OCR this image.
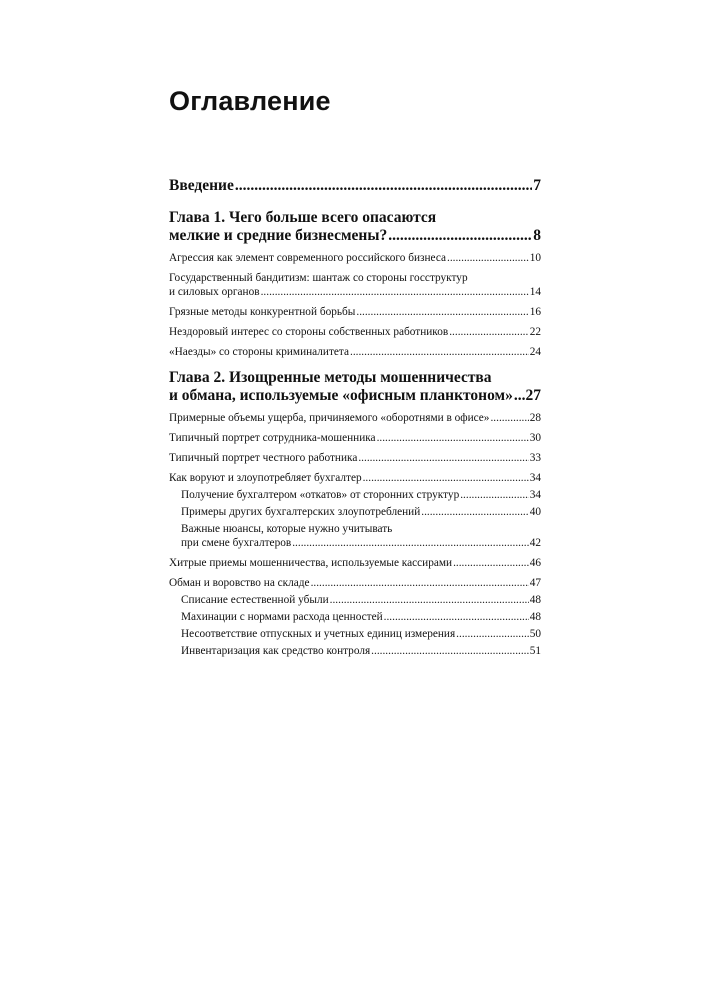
Оглавление
Введение .....	7
Глава 1. Чего больше всего опасаются
мелкие и средние бизнесмены? .....	8
Агрессия как элемент современного российского бизнеса .....	10
Государственный бандитизм: шантаж со стороны госструктур
и силовых органов .....	14
Грязные методы конкурентной борьбы .....	16
Нездоровый интерес со стороны собственных работников .....	22
«Наезды» со стороны криминалитета .....	24
Глава 2. Изощренные методы мошенничества
и обмана, используемые «офисным планктоном» ..... 27
Примерные объемы ущерба, причиняемого «оборотнями в офисе» .....	28
Типичный портрет сотрудника-мошенника .....	30
Типичный портрет честного работника .....	33
Как воруют и злоупотребляет бухгалтер .....	34
Получение бухгалтером «откатов» от сторонних структур .....	34
Примеры других бухгалтерских злоупотреблений .....	40
Важные нюансы, которые нужно учитывать
при смене бухгалтеров .....	42
Хитрые приемы мошенничества, используемые кассирами .....	46
Обман и воровство на складе .....	47
Списание естественной убыли .....	48
Махинации с нормами расхода ценностей .....	48
Несоответствие отпускных и учетных единиц измерения .....	50
Инвентаризация как средство контроля .....	51
